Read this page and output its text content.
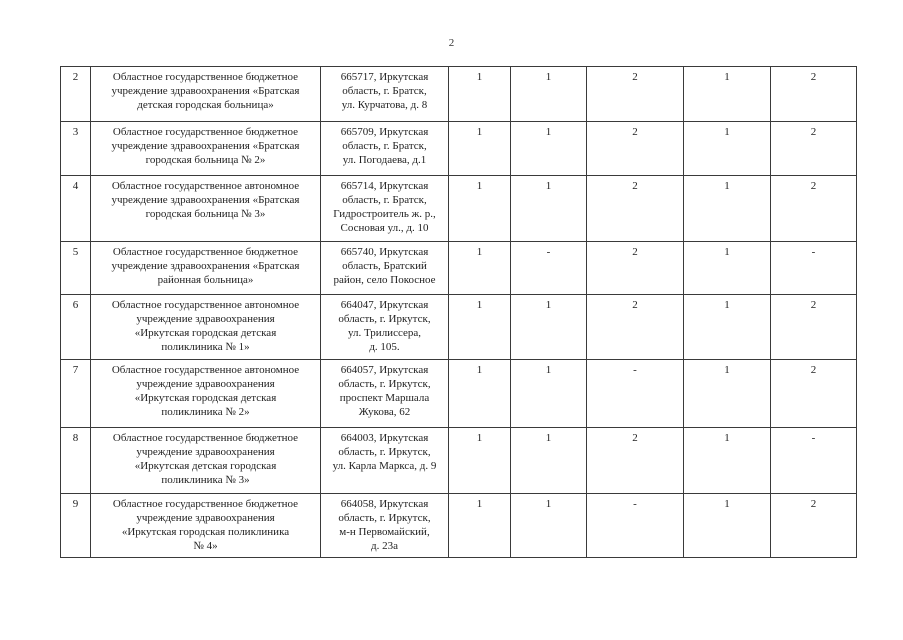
2
2	Областное государственное бюджетное
учреждение здравоохранения «Братская
детская городская больница»	665717, Иркутская
область, г. Братск,
ул. Курчатова, д. 8	1	1	2	1	2
3	Областное государственное бюджетное
учреждение здравоохранения «Братская
городская больница № 2»	665709, Иркутская
область, г. Братск,
ул. Погодаева, д.1	1	1	2	1	2
4	Областное государственное автономное
учреждение здравоохранения «Братская
городская больница № 3»	665714, Иркутская
область, г. Братск,
Гидростроитель ж. р.,
Сосновая ул., д. 10	1	1	2	1	2
5	Областное государственное бюджетное
учреждение здравоохранения «Братская
районная больница»	665740, Иркутская
область, Братский
район, село Покосное	1	-	2	1	-
6	Областное государственное автономное
учреждение здравоохранения
«Иркутская городская детская
поликлиника № 1»	664047, Иркутская
область, г. Иркутск,
ул. Трилиссера,
д. 105.	1	1	2	1	2
7	Областное государственное автономное
учреждение здравоохранения
«Иркутская городская детская
поликлиника № 2»	664057, Иркутская
область, г. Иркутск,
проспект Маршала
Жукова, 62	1	1	-	1	2
8	Областное государственное бюджетное
учреждение здравоохранения
«Иркутская детская городская
поликлиника № 3»	664003, Иркутская
область, г. Иркутск,
ул. Карла Маркса, д. 9	1	1	2	1	-
9	Областное государственное бюджетное
учреждение здравоохранения
«Иркутская городская поликлиника
№ 4»	664058, Иркутская
область, г. Иркутск,
м-н Первомайский,
д. 23а	1	1	-	1	2
